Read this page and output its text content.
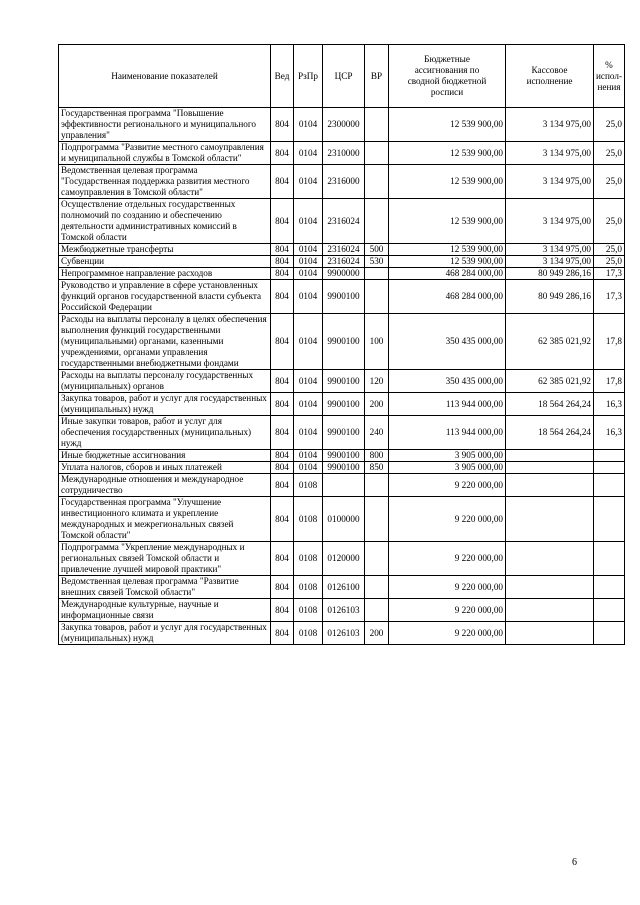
Наименование показателей	Вед	РзПр	ЦСР	ВР	Бюджетные ассигнования по сводной бюджетной росписи	Кассовое исполнение	% испол-нения
Государственная программа "Повышение эффективности регионального и муниципального управления"	804	0104	2300000		12 539 900,00	3 134 975,00	25,0
Подпрограмма "Развитие местного самоуправления и муниципальной службы в Томской области"	804	0104	2310000		12 539 900,00	3 134 975,00	25,0
Ведомственная целевая программа "Государственная поддержка развития местного самоуправления в Томской области"	804	0104	2316000		12 539 900,00	3 134 975,00	25,0
Осуществление отдельных государственных полномочий по созданию и обеспечению деятельности административных комиссий в Томской области	804	0104	2316024		12 539 900,00	3 134 975,00	25,0
Межбюджетные трансферты	804	0104	2316024	500	12 539 900,00	3 134 975,00	25,0
Субвенции	804	0104	2316024	530	12 539 900,00	3 134 975,00	25,0
Непрограммное направление расходов	804	0104	9900000		468 284 000,00	80 949 286,16	17,3
Руководство и управление в сфере установленных функций органов государственной власти субъекта Российской Федерации	804	0104	9900100		468 284 000,00	80 949 286,16	17,3
Расходы на выплаты персоналу в целях обеспечения выполнения функций государственными (муниципальными) органами, казенными учреждениями, органами управления государственными внебюджетными фондами	804	0104	9900100	100	350 435 000,00	62 385 021,92	17,8
Расходы на выплаты персоналу государственных (муниципальных) органов	804	0104	9900100	120	350 435 000,00	62 385 021,92	17,8
Закупка товаров, работ и услуг для государственных (муниципальных) нужд	804	0104	9900100	200	113 944 000,00	18 564 264,24	16,3
Иные закупки товаров, работ и услуг для обеспечения государственных (муниципальных) нужд	804	0104	9900100	240	113 944 000,00	18 564 264,24	16,3
Иные бюджетные ассигнования	804	0104	9900100	800	3 905 000,00		
Уплата налогов, сборов и иных платежей	804	0104	9900100	850	3 905 000,00		
Международные отношения и международное сотрудничество	804	0108			9 220 000,00		
Государственная программа "Улучшение инвестиционного климата и укрепление международных и межрегиональных связей Томской области"	804	0108	0100000		9 220 000,00		
Подпрограмма "Укрепление международных и региональных связей Томской области и привлечение лучшей мировой практики"	804	0108	0120000		9 220 000,00		
Ведомственная целевая программа "Развитие внешних связей Томской области"	804	0108	0126100		9 220 000,00		
Международные культурные, научные и информационные связи	804	0108	0126103		9 220 000,00		
Закупка товаров, работ и услуг для государственных (муниципальных) нужд	804	0108	0126103	200	9 220 000,00		
6
